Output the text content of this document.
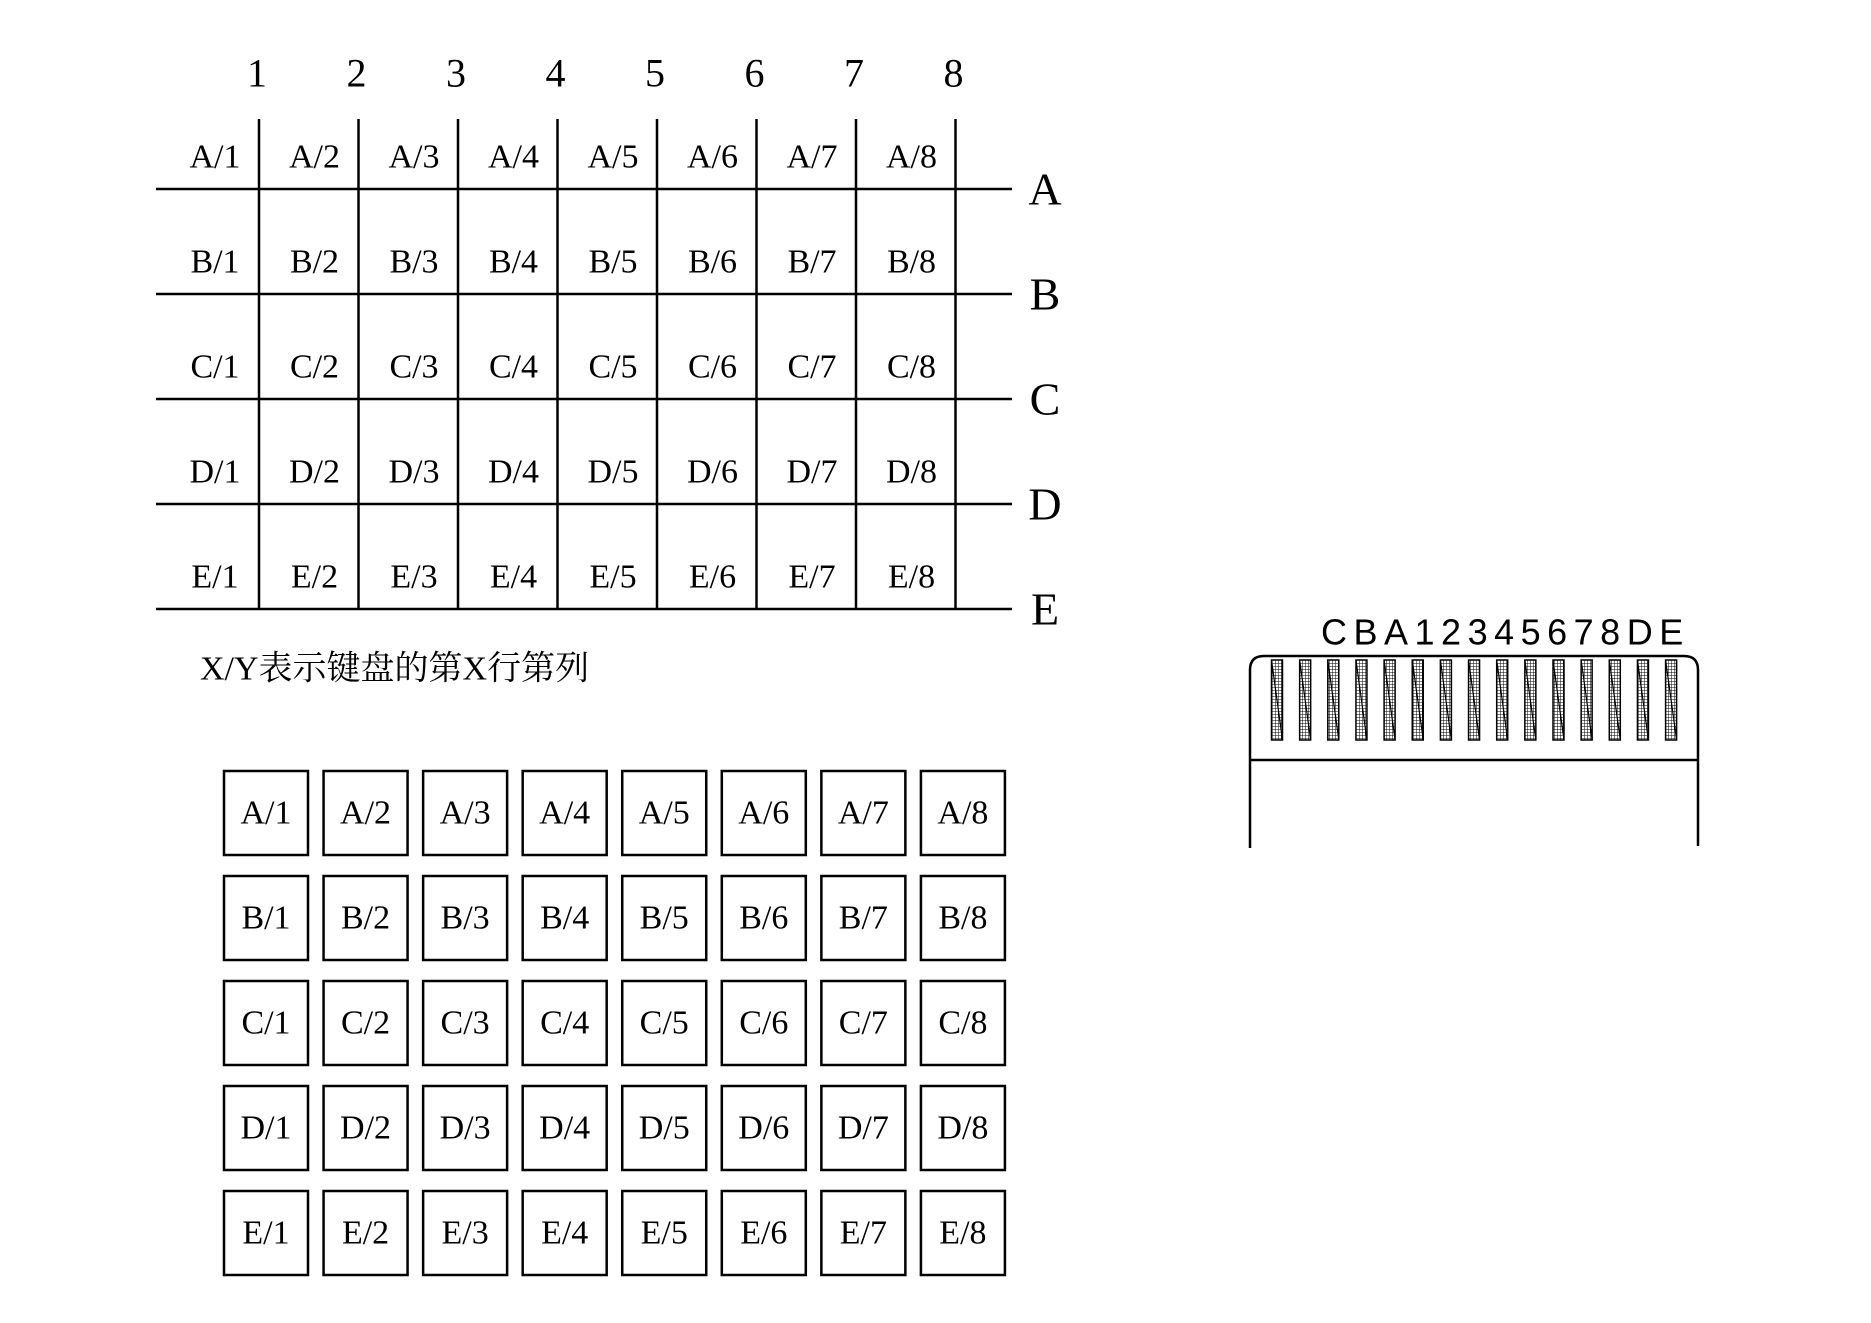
1 2 3 4 5 6 7 8
A
B
C
D
E
A/1 A/2 A/3 A/4 A/5 A/6 A/7 A/8
B/1 B/2 B/3 B/4 B/5 B/6 B/7 B/8
C/1 C/2 C/3 C/4 C/5 C/6 C/7 C/8
D/1 D/2 D/3 D/4 D/5 D/6 D/7 D/8
E/1 E/2 E/3 E/4 E/5 E/6 E/7 E/8
X/Y表示键盘的第X行第列
A/1 A/2 A/3 A/4 A/5 A/6 A/7 A/8
B/1 B/2 B/3 B/4 B/5 B/6 B/7 B/8
C/1 C/2 C/3 C/4 C/5 C/6 C/7 C/8
D/1 D/2 D/3 D/4 D/5 D/6 D/7 D/8
E/1 E/2 E/3 E/4 E/5 E/6 E/7 E/8
CBA12345678DE
